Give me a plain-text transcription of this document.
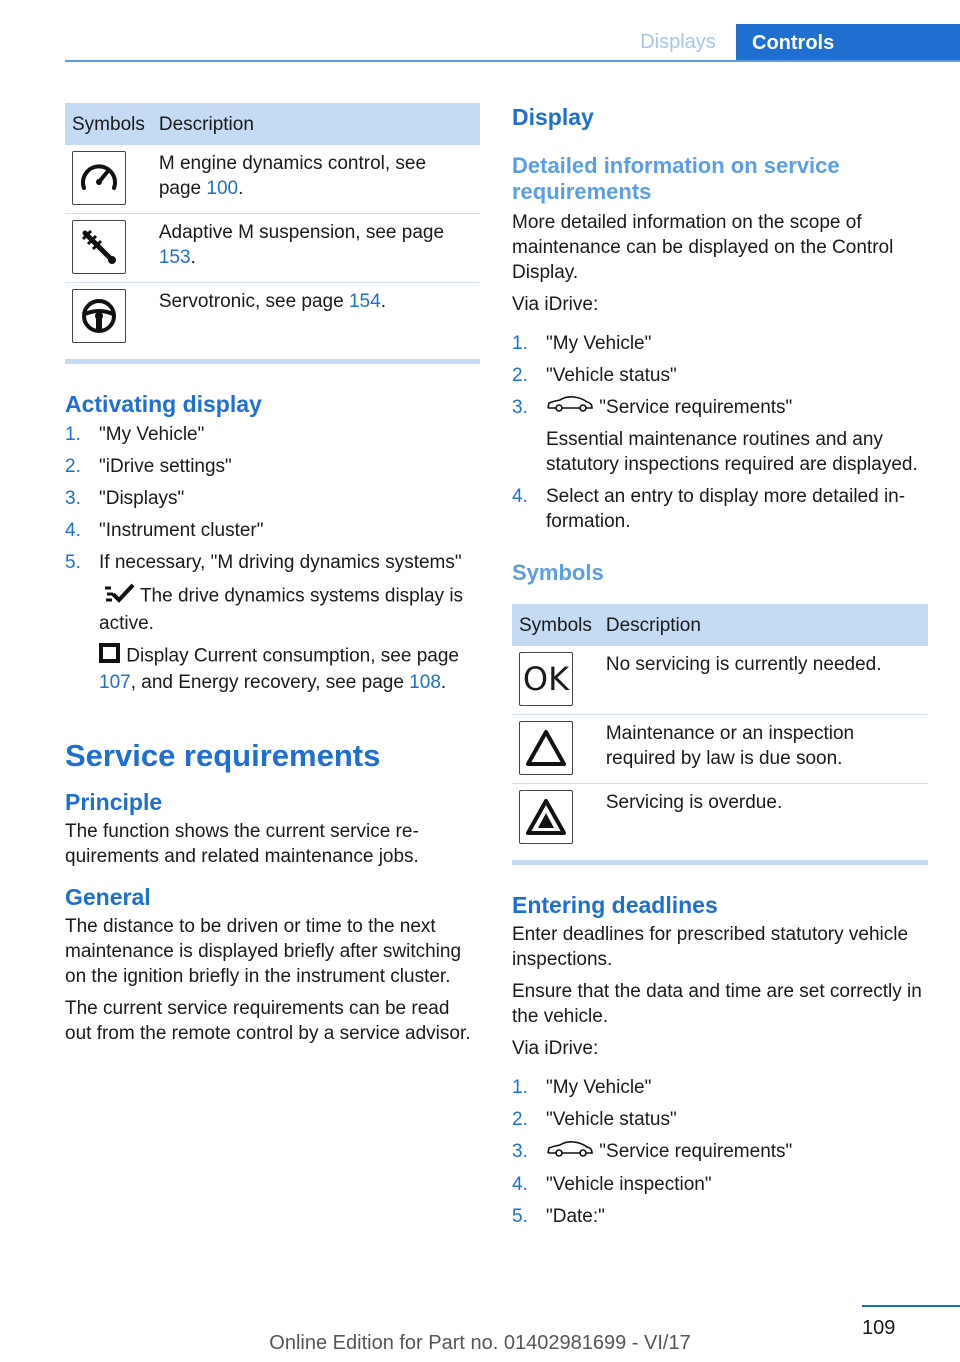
Displays	Controls
Symbols	Description

	M engine dynamics control, see page 100.

	Adaptive M suspension, see page 153.

	Servotronic, see page 154.
Activating display
1. "My Vehicle"
2. "iDrive settings"
3. "Displays"
4. "Instrument cluster"
5. If necessary, "M driving dynamics systems"

The drive dynamics systems display is active.

Display Current consumption, see page 107, and Energy recovery, see page 108.

Service requirements
Principle

The function shows the current service requirements and related maintenance jobs.

General

The distance to be driven or time to the next maintenance is displayed briefly after switching on the ignition briefly in the instrument cluster.

The current service requirements can be read out from the remote control by a service advisor.

Display
Detailed information on service requirements

More detailed information on the scope of maintenance can be displayed on the Control Display.

Via iDrive:

1. "My Vehicle"
2. "Vehicle status"
3.	"Service requirements"

Essential maintenance routines and any statutory inspections required are displayed.

4. Select an entry to display more detailed information.
Symbols
Symbols	Description

OK	No servicing is currently needed.

	Maintenance or an inspection required by law is due soon.

	Servicing is overdue.
Entering deadlines

Enter deadlines for prescribed statutory vehicle inspections.

Ensure that the data and time are set correctly in the vehicle.

Via iDrive:

1. "My Vehicle"
2. "Vehicle status"
3.	"Service requirements"
4. "Vehicle inspection"
5. "Date:"
109
Online Edition for Part no. 01402981699 - VI/17
